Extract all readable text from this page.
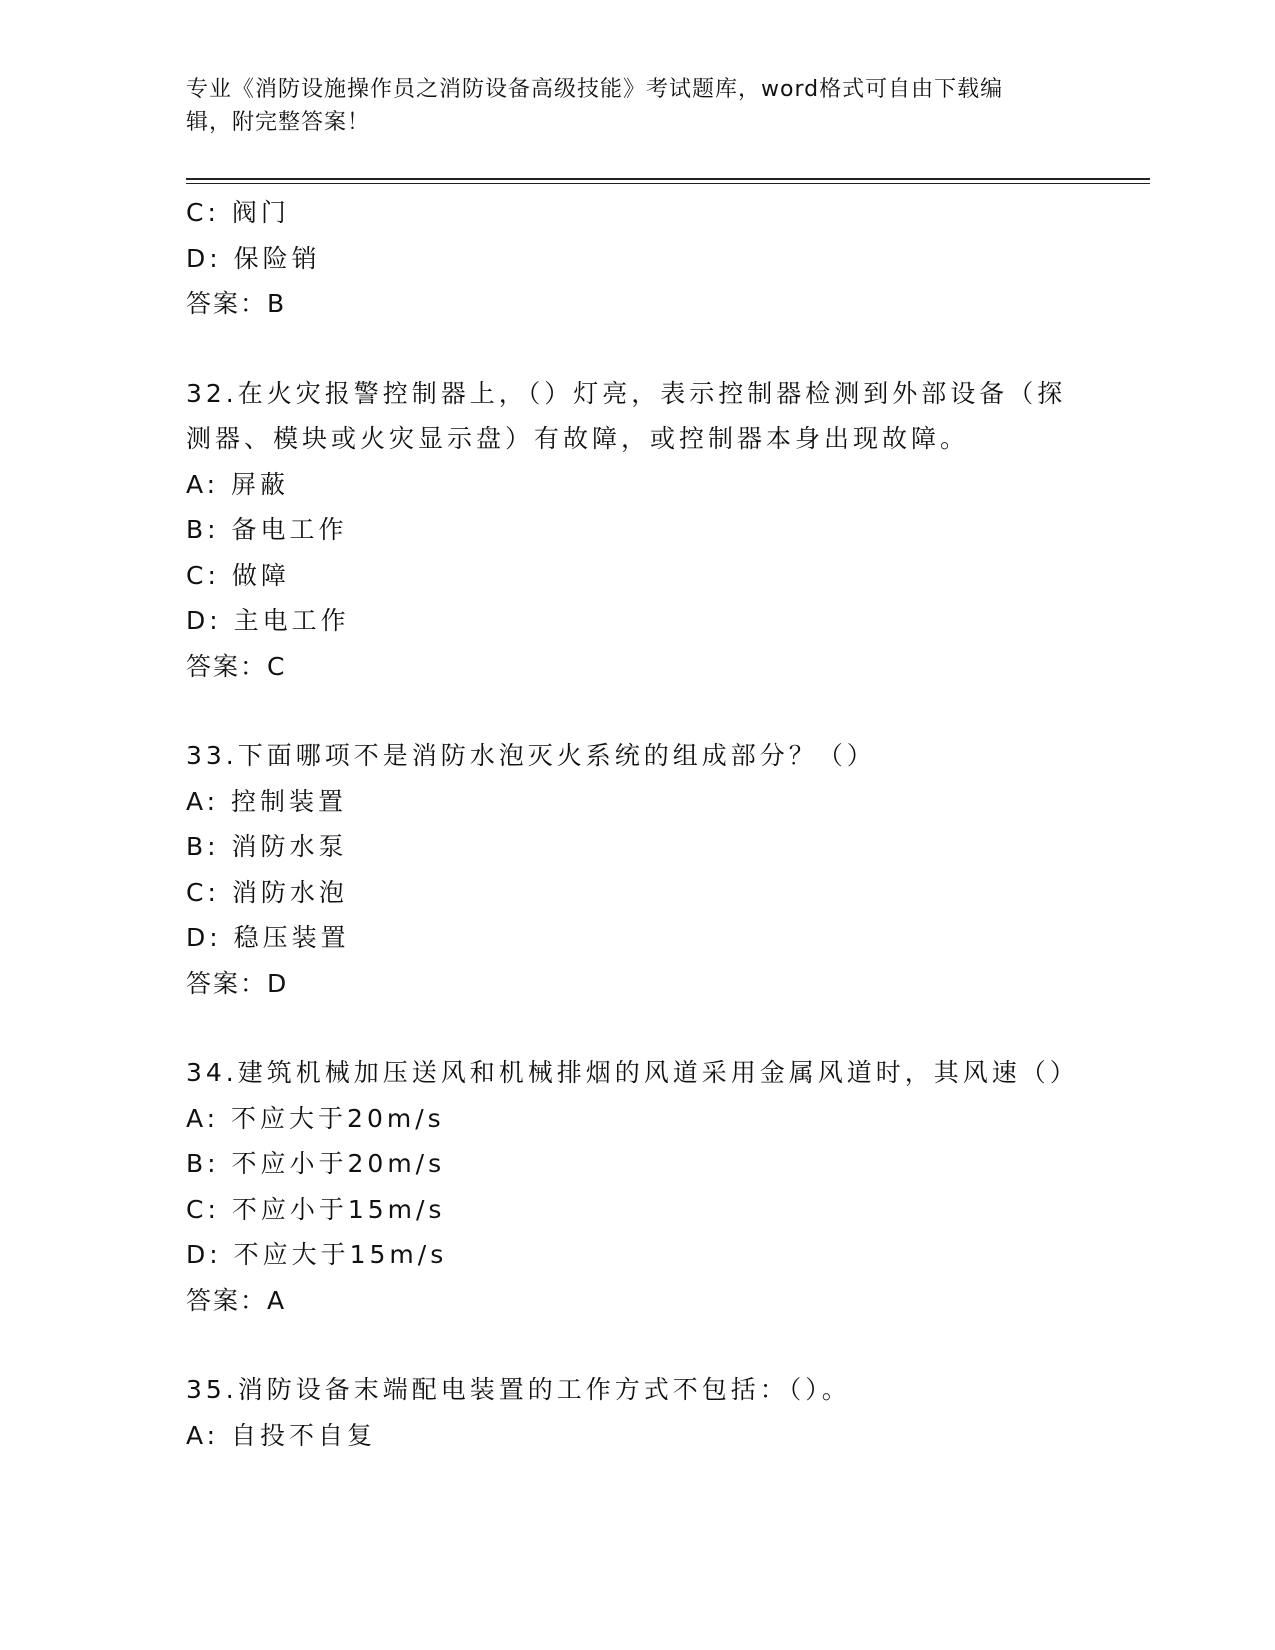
专业《消防设施操作员之消防设备高级技能》考试题库，word格式可自由下载编
辑，附完整答案！
C: 阀门
D: 保险销
答案：B
32.在火灾报警控制器上，（）灯亮，表示控制器检测到外部设备（探
测器、模块或火灾显示盘）有故障，或控制器本身出现故障。
A: 屏蔽
B: 备电工作
C: 做障
D: 主电工作
答案：C
33.下面哪项不是消防水泡灭火系统的组成部分？（）
A: 控制装置
B: 消防水泵
C: 消防水泡
D: 稳压装置
答案：D
34.建筑机械加压送风和机械排烟的风道采用金属风道时，其风速（）
A: 不应大于20m/s
B: 不应小于20m/s
C: 不应小于15m/s
D: 不应大于15m/s
答案：A
35.消防设备末端配电装置的工作方式不包括：（）。
A: 自投不自复
